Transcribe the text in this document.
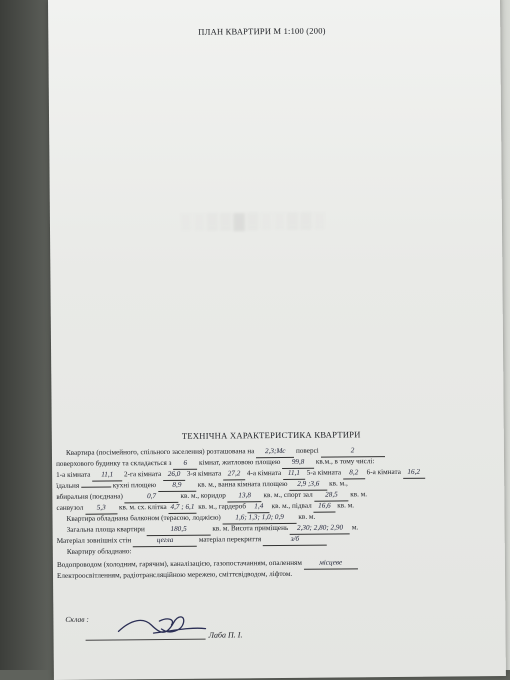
ПЛАН КВАРТИРИ М 1:100 (200)
░░▒▒▓▒░░▒▒░
ТЕХНІЧНА ХАРАКТЕРИСТИКА КВАРТИРИ
Квартира (посімейного, спільного заселення) розташована на 2,3;Мс поверсі	2
поверхового будинку та складається з 6 кімнат, житловою площею 99,8 кв.м., в тому числі:
1-а кімната 11,1 2-га кімната 26,0 3-я кімната 27,2 4-а кімната 11,1 5-а кімната 8,2 6-а кімната 16,2
їдальня	кухні площею 8,9 кв. м., ванна кімната площею 2,9 ;3,6 кв. м.,
вбиральня (поєднана)	0,7	кв. м., коридор 13,8 кв. м., спорт зал 28,5 кв. м.
санвузол 5,3 кв. м. сх. клітка 4,7 ; 6,1 кв. м., гардероб 1,4 кв. м., підвал 16,6 кв. м.
Квартира обладнана балконом (терасою, лоджією) 1,6; 1,3; 1,0; 0,9 кв. м.
Загальна площа квартири	180,5	кв. м. Висота приміщень 2,30; 2,80; 2,90 м.
Матеріал зовнішніх стін	цегла	матеріал перекриття	з/б
Квартиру обладнано:
Водопроводом (холодним, гарячим), каналізацією, газопостачанням, опаленням місцеве
Електроосвітленням, радіотрансляційною мережею, сміттєвідводом, ліфтом.
Склав :
Лаба П. І.
